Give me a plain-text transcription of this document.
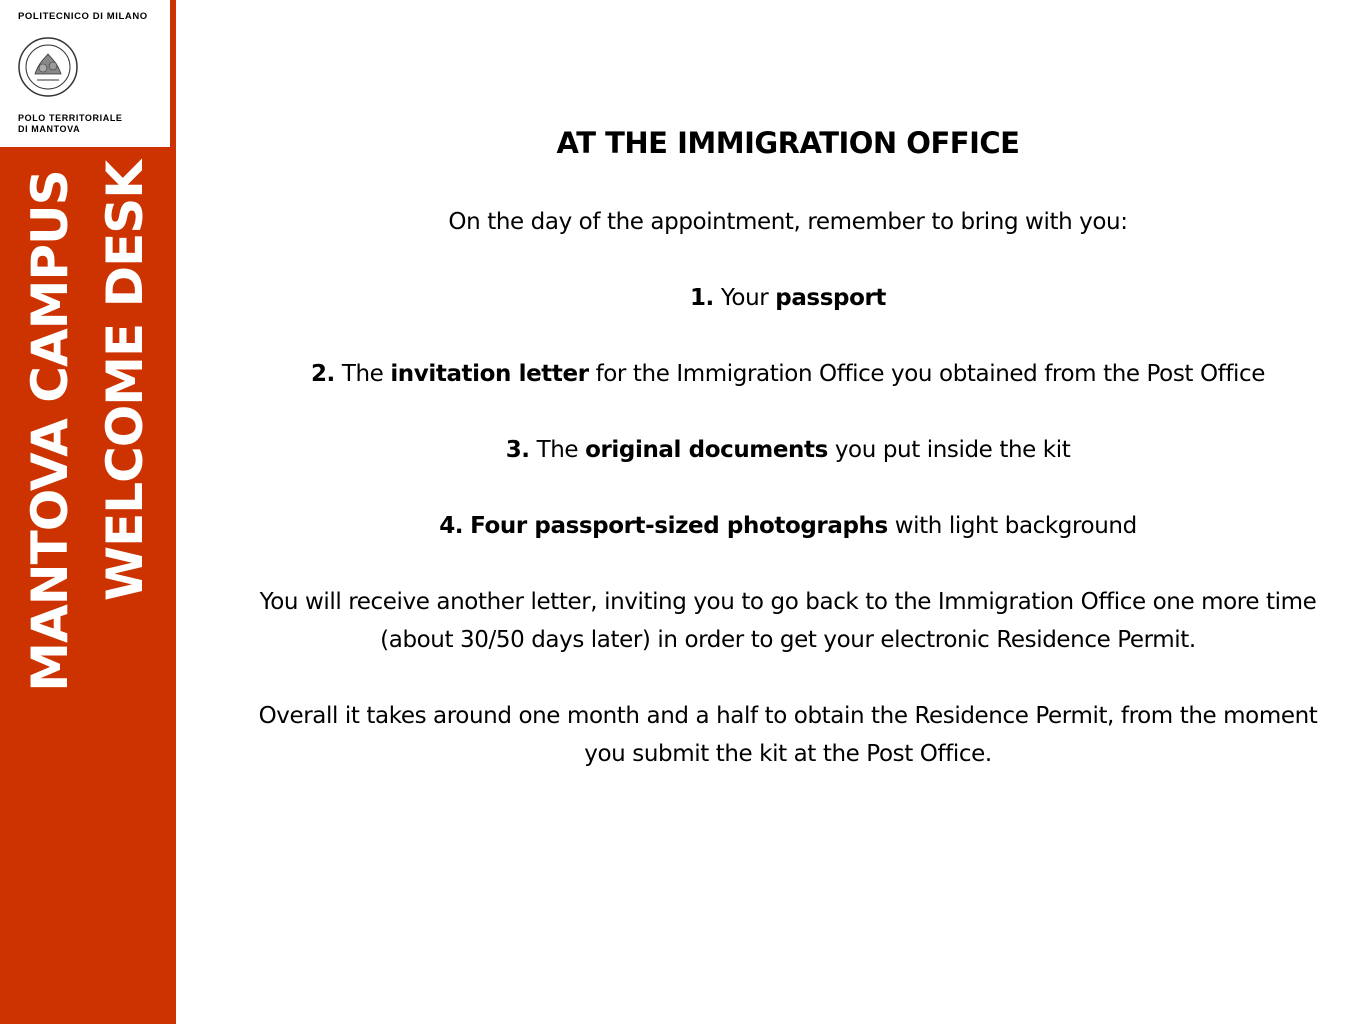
POLITECNICO DI MILANO
POLO TERRITORIALE
DI MANTOVA
MANTOVA CAMPUS WELCOME DESK
AT THE IMMIGRATION OFFICE
On the day of the appointment, remember to bring with you:
1. Your passport
2. The invitation letter for the Immigration Office you obtained from the Post Office
3. The original documents you put inside the kit
4. Four passport-sized photographs with light background
You will receive another letter, inviting you to go back to the Immigration Office one more time (about 30/50 days later) in order to get your electronic Residence Permit.
Overall it takes around one month and a half to obtain the Residence Permit, from the moment you submit the kit at the Post Office.
